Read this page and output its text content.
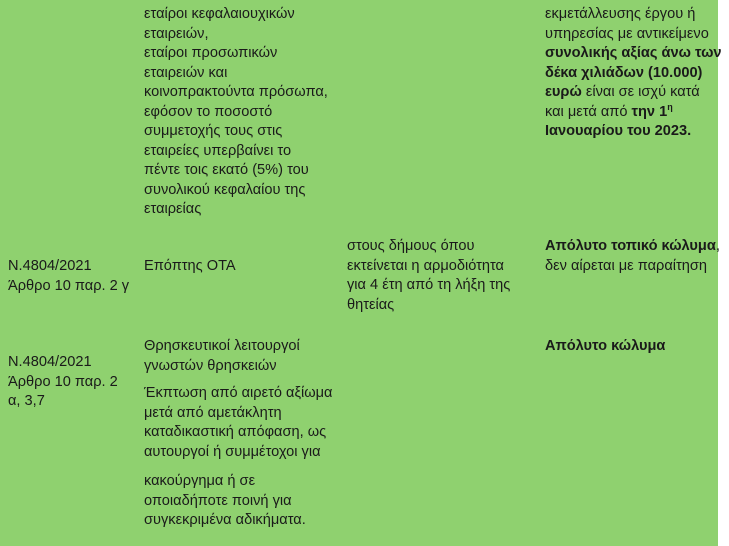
εταίροι κεφαλαιουχικών
εταιρειών,
εταίροι προσωπικών
εταιρειών και
κοινοπρακτούντα πρόσωπα,
εφόσον το ποσοστό
συμμετοχής τους στις
εταιρείες υπερβαίνει το
πέντε τοις εκατό (5%) του
συνολικού κεφαλαίου της
εταιρείας
εκμετάλλευσης έργου ή
υπηρεσίας με αντικείμενο
συνολικής αξίας άνω των
δέκα χιλιάδων (10.000)
ευρώ είναι σε ισχύ κατά
και μετά από την $1^\eta$
Ιανουαρίου του 2023.
Ν.4804/2021
Άρθρο 10 παρ. 2 γ
Επόπτης ΟΤΑ
στους δήμους όπου
εκτείνεται η αρμοδιότητα
για 4 έτη από τη λήξη της
θητείας
Απόλυτο τοπικό κώλυμα,
δεν αίρεται με παραίτηση
Ν.4804/2021
Άρθρο 10 παρ. 2
α, 3,7
Θρησκευτικοί λειτουργοί
γνωστών θρησκειών
Έκπτωση από αιρετό αξίωμα
μετά από αμετάκλητη
καταδικαστική απόφαση, ως
αυτουργοί ή συμμέτοχοι για
κακούργημα ή σε
οποιαδήποτε ποινή για
συγκεκριμένα αδικήματα.
Απόλυτο κώλυμα
